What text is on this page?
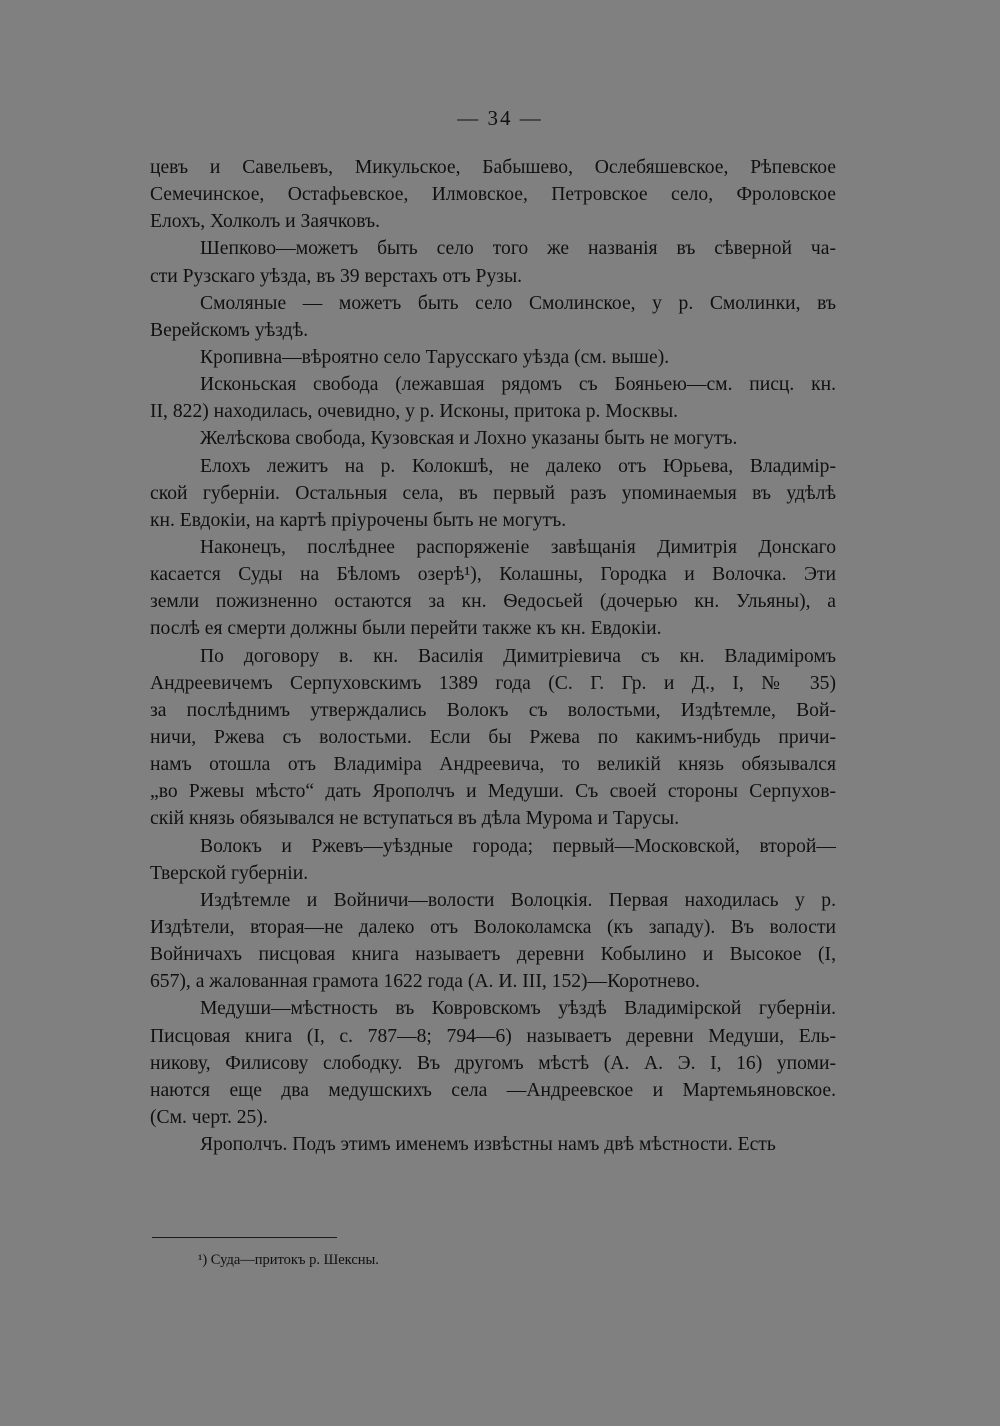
— 34 —
цевъ и Савельевъ, Микульское, Бабышево, Ослебяшевское, Рѣпевское
Семечинское, Остафьевское, Илмовское, Петровское село, Фроловское
Елохъ, Холколъ и Заячковъ.
Шепково—можетъ быть село того же названія въ сѣверной ча-
сти Рузскаго уѣзда, въ 39 верстахъ отъ Рузы.
Смоляные — можетъ быть село Смолинское, у р. Смолинки, въ
Верейскомъ уѣздѣ.
Кропивна—вѣроятно село Тарусскаго уѣзда (см. выше).
Исконьская свобода (лежавшая рядомъ съ Бояньею—см. писц. кн.
II, 822) находилась, очевидно, у р. Исконы, притока р. Москвы.
Желѣскова свобода, Кузовская и Лохно указаны быть не могутъ.
Елохъ лежитъ на р. Колокшѣ, не далеко отъ Юрьева, Владимір-
ской губерніи. Остальныя села, въ первый разъ упоминаемыя въ удѣлѣ
кн. Евдокіи, на картѣ пріурочены быть не могутъ.
Наконецъ, послѣднее распоряженіе завѣщанія Димитрія Донскаго
касается Суды на Бѣломъ озерѣ¹), Колашны, Городка и Волочка. Эти
земли пожизненно остаются за кн. Ѳедосьей (дочерью кн. Ульяны), а
послѣ ея смерти должны были перейти также къ кн. Евдокіи.
По договору в. кн. Василія Димитріевича съ кн. Владиміромъ
Андреевичемъ Серпуховскимъ 1389 года (С. Г. Гр. и Д., I, № 35)
за послѣднимъ утверждались Волокъ съ волостьми, Издѣтемле, Вой-
ничи, Ржева съ волостьми. Если бы Ржева по какимъ-нибудь причи-
намъ отошла отъ Владиміра Андреевича, то великій князь обязывался
„во Ржевы мѣсто“ дать Ярополчъ и Медуши. Съ своей стороны Серпухов-
скій князь обязывался не вступаться въ дѣла Мурома и Тарусы.
Волокъ и Ржевъ—уѣздные города; первый—Московской, второй—
Тверской губерніи.
Издѣтемле и Войничи—волости Волоцкія. Первая находилась у р.
Издѣтели, вторая—не далеко отъ Волоколамска (къ западу). Въ волости
Войничахъ писцовая книга называетъ деревни Кобылино и Высокое (I,
657), а жалованная грамота 1622 года (А. И. III, 152)—Коротнево.
Медуши—мѣстность въ Ковровскомъ уѣздѣ Владимірской губерніи.
Писцовая книга (I, с. 787—8; 794—6) называетъ деревни Медуши, Ель-
никову, Филисову слободку. Въ другомъ мѣстѣ (А. А. Э. I, 16) упоми-
наются еще два медушскихъ села —Андреевское и Мартемьяновское.
(См. черт. 25).
Ярополчъ. Подъ этимъ именемъ извѣстны намъ двѣ мѣстности. Есть
¹) Суда—притокъ р. Шексны.
